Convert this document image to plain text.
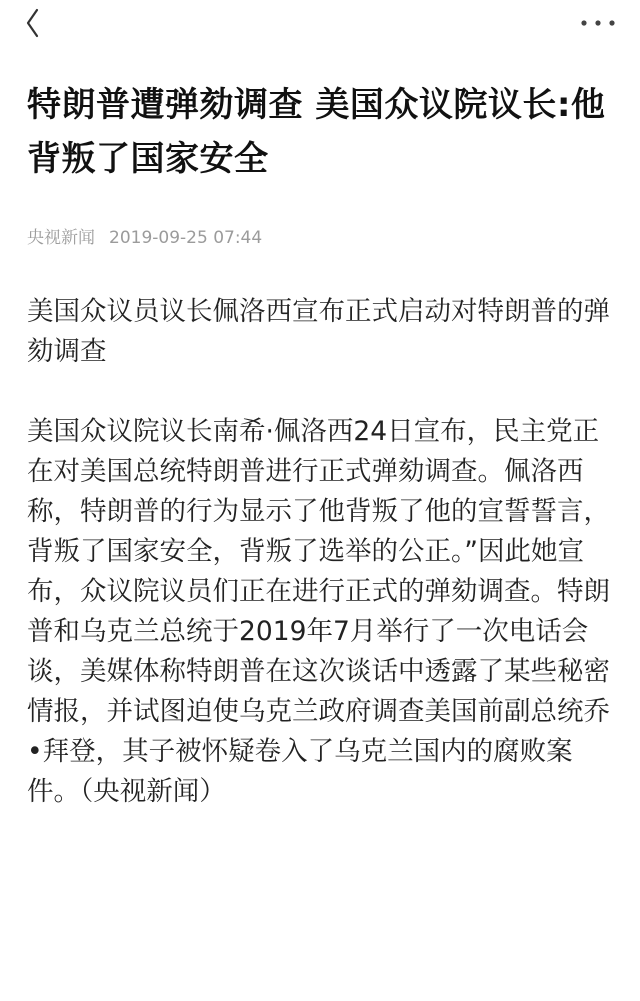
特朗普遭弹劾调查 美国众议院议长:他背叛了国家安全
央视新闻 2019-09-25 07:44

美国众议员议长佩洛西宣布正式启动对特朗普的弹劾调查

美国众议院议长南希·佩洛西24日宣布，民主党正在对美国总统特朗普进行正式弹劾调查。佩洛西称，特朗普的行为显示了他背叛了他的宣誓誓言，背叛了国家安全，背叛了选举的公正。”因此她宣布，众议院议员们正在进行正式的弹劾调查。特朗普和乌克兰总统于2019年7月举行了一次电话会谈，美媒体称特朗普在这次谈话中透露了某些秘密情报，并试图迫使乌克兰政府调查美国前副总统乔•拜登，其子被怀疑卷入了乌克兰国内的腐败案件。（央视新闻）
